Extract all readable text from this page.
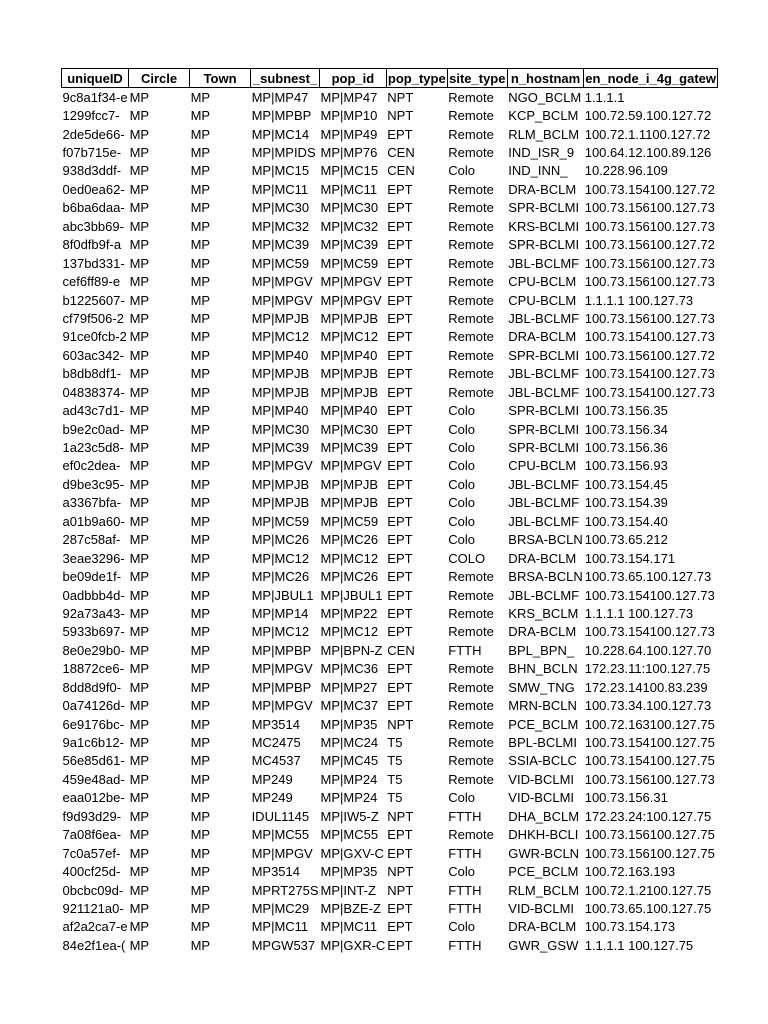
uniqueID	Circle	Town	_subnest_	pop_id	pop_type	site_type	n_hostnam	en_node_i_4g_gatew
9c8a1f34-e	MP	MP	MP|MP47	MP|MP47	NPT	Remote	NGO_BCLM	1.1.1.1
1299fcc7-	MP	MP	MP|MPBP	MP|MP10	NPT	Remote	KCP_BCLM	100.72.59.100.127.72
2de5de66-	MP	MP	MP|MC14	MP|MP49	EPT	Remote	RLM_BCLM	100.72.1.1100.127.72
f07b715e-	MP	MP	MP|MPIDS	MP|MP76	CEN	Remote	IND_ISR_9	100.64.12.100.89.126
938d3ddf-	MP	MP	MP|MC15	MP|MC15	CEN	Colo	IND_INN_	10.228.96.109
0ed0ea62-	MP	MP	MP|MC11	MP|MC11	EPT	Remote	DRA-BCLM	100.73.154100.127.72
b6ba6daa-	MP	MP	MP|MC30	MP|MC30	EPT	Remote	SPR-BCLMI	100.73.156100.127.73
abc3bb69-	MP	MP	MP|MC32	MP|MC32	EPT	Remote	KRS-BCLMI	100.73.156100.127.73
8f0dfb9f-a	MP	MP	MP|MC39	MP|MC39	EPT	Remote	SPR-BCLMI	100.73.156100.127.72
137bd331-	MP	MP	MP|MC59	MP|MC59	EPT	Remote	JBL-BCLMF	100.73.156100.127.73
cef6ff89-e	MP	MP	MP|MPGV	MP|MPGV	EPT	Remote	CPU-BCLM	100.73.156100.127.73
b1225607-	MP	MP	MP|MPGV	MP|MPGV	EPT	Remote	CPU-BCLM	1.1.1.1 100.127.73
cf79f506-2	MP	MP	MP|MPJB	MP|MPJB	EPT	Remote	JBL-BCLMF	100.73.156100.127.73
91ce0fcb-2	MP	MP	MP|MC12	MP|MC12	EPT	Remote	DRA-BCLM	100.73.154100.127.73
603ac342-	MP	MP	MP|MP40	MP|MP40	EPT	Remote	SPR-BCLMI	100.73.156100.127.72
b8db8df1-	MP	MP	MP|MPJB	MP|MPJB	EPT	Remote	JBL-BCLMF	100.73.154100.127.73
04838374-	MP	MP	MP|MPJB	MP|MPJB	EPT	Remote	JBL-BCLMF	100.73.154100.127.73
ad43c7d1-	MP	MP	MP|MP40	MP|MP40	EPT	Colo	SPR-BCLMI	100.73.156.35
b9e2c0ad-	MP	MP	MP|MC30	MP|MC30	EPT	Colo	SPR-BCLMI	100.73.156.34
1a23c5d8-	MP	MP	MP|MC39	MP|MC39	EPT	Colo	SPR-BCLMI	100.73.156.36
ef0c2dea-	MP	MP	MP|MPGV	MP|MPGV	EPT	Colo	CPU-BCLM	100.73.156.93
d9be3c95-	MP	MP	MP|MPJB	MP|MPJB	EPT	Colo	JBL-BCLMF	100.73.154.45
a3367bfa-	MP	MP	MP|MPJB	MP|MPJB	EPT	Colo	JBL-BCLMF	100.73.154.39
a01b9a60-	MP	MP	MP|MC59	MP|MC59	EPT	Colo	JBL-BCLMF	100.73.154.40
287c58af-	MP	MP	MP|MC26	MP|MC26	EPT	Colo	BRSA-BCLN	100.73.65.212
3eae3296-	MP	MP	MP|MC12	MP|MC12	EPT	COLO	DRA-BCLM	100.73.154.171
be09de1f-	MP	MP	MP|MC26	MP|MC26	EPT	Remote	BRSA-BCLN	100.73.65.100.127.73
0adbbb4d-	MP	MP	MP|JBUL1	MP|JBUL1	EPT	Remote	JBL-BCLMF	100.73.154100.127.73
92a73a43-	MP	MP	MP|MP14	MP|MP22	EPT	Remote	KRS_BCLM	1.1.1.1 100.127.73
5933b697-	MP	MP	MP|MC12	MP|MC12	EPT	Remote	DRA-BCLM	100.73.154100.127.73
8e0e29b0-	MP	MP	MP|MPBP	MP|BPN-Z	CEN	FTTH	BPL_BPN_	10.228.64.100.127.70
18872ce6-	MP	MP	MP|MPGV	MP|MC36	EPT	Remote	BHN_BCLN	172.23.11:100.127.75
8dd8d9f0-	MP	MP	MP|MPBP	MP|MP27	EPT	Remote	SMW_TNG	172.23.14100.83.239
0a74126d-	MP	MP	MP|MPGV	MP|MC37	EPT	Remote	MRN-BCLN	100.73.34.100.127.73
6e9176bc-	MP	MP	MP3514	MP|MP35	NPT	Remote	PCE_BCLM	100.72.163100.127.75
9a1c6b12-	MP	MP	MC2475	MP|MC24	T5	Remote	BPL-BCLMI	100.73.154100.127.75
56e85d61-	MP	MP	MC4537	MP|MC45	T5	Remote	SSIA-BCLC	100.73.154100.127.75
459e48ad-	MP	MP	MP249	MP|MP24	T5	Remote	VID-BCLMI	100.73.156100.127.73
eaa012be-	MP	MP	MP249	MP|MP24	T5	Colo	VID-BCLMI	100.73.156.31
f9d93d29-	MP	MP	IDUL1145	MP|IW5-Z	NPT	FTTH	DHA_BCLM	172.23.24:100.127.75
7a08f6ea-	MP	MP	MP|MC55	MP|MC55	EPT	Remote	DHKH-BCLI	100.73.156100.127.75
7c0a57ef-	MP	MP	MP|MPGV	MP|GXV-C	EPT	FTTH	GWR-BCLN	100.73.156100.127.75
400cf25d-	MP	MP	MP3514	MP|MP35	NPT	Colo	PCE_BCLM	100.72.163.193
0bcbc09d-	MP	MP	MPRT275S	MP|INT-Z	NPT	FTTH	RLM_BCLM	100.72.1.2100.127.75
921121a0-	MP	MP	MP|MC29	MP|BZE-Z	EPT	FTTH	VID-BCLMI	100.73.65.100.127.75
af2a2ca7-e	MP	MP	MP|MC11	MP|MC11	EPT	Colo	DRA-BCLM	100.73.154.173
84e2f1ea-(	MP	MP	MPGW537	MP|GXR-C	EPT	FTTH	GWR_GSW	1.1.1.1 100.127.75
